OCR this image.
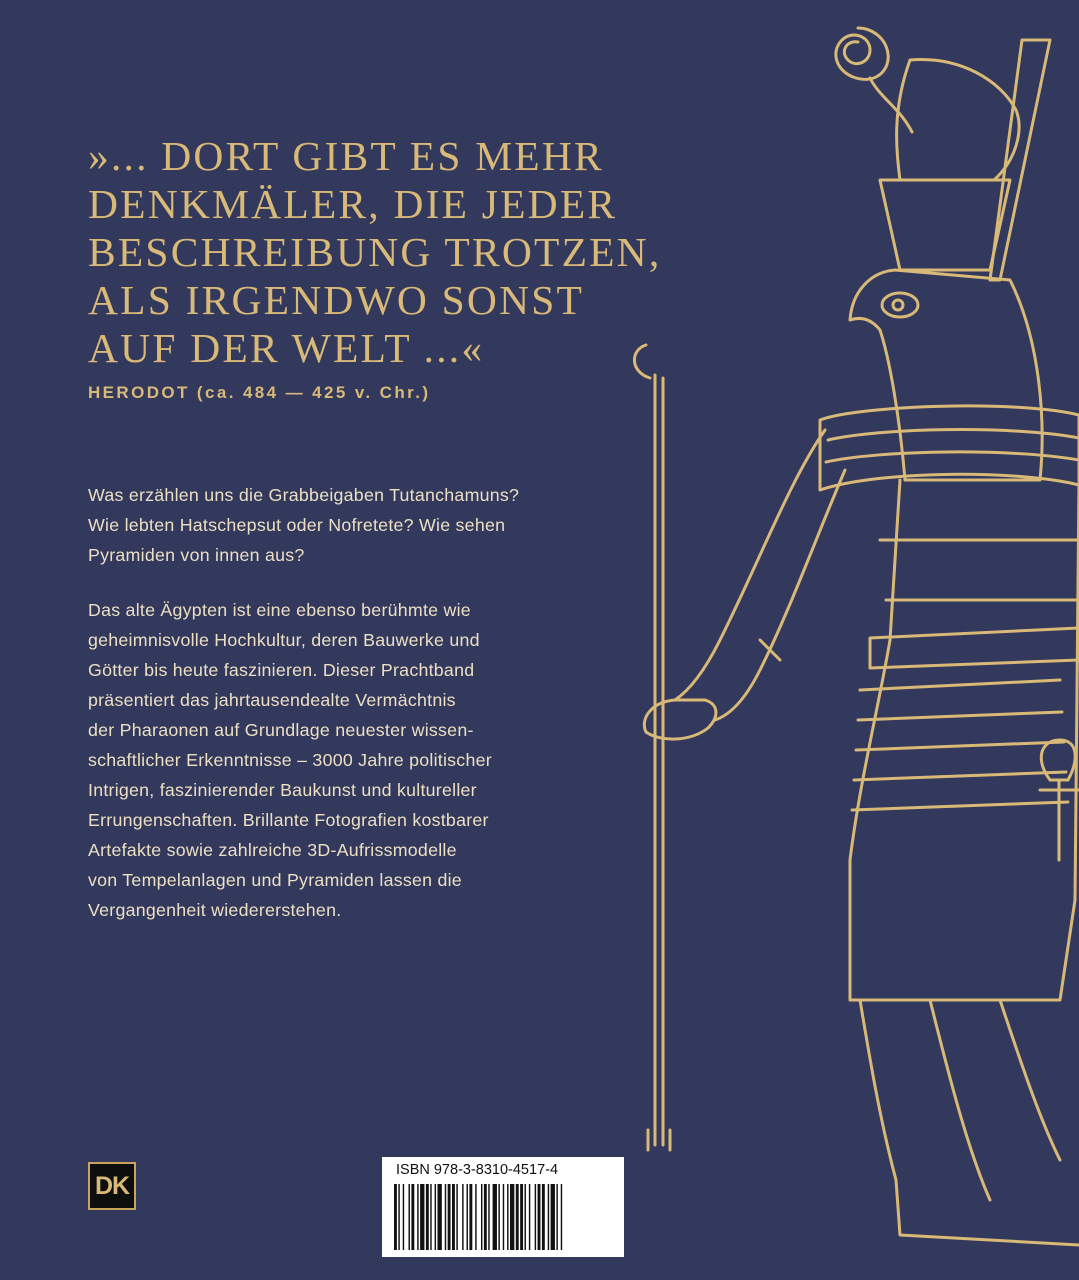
»... DORT GIBT ES MEHR
DENKMÄLER, DIE JEDER
BESCHREIBUNG TROTZEN,
ALS IRGENDWO SONST
AUF DER WELT ...«

HERODOT (ca. 484 — 425 v. Chr.)

Was erzählen uns die Grabbeigaben Tutanchamuns?
Wie lebten Hatschepsut oder Nofretete? Wie sehen
Pyramiden von innen aus?

Das alte Ägypten ist eine ebenso berühmte wie
geheimnisvolle Hochkultur, deren Bauwerke und
Götter bis heute faszinieren. Dieser Prachtband
präsentiert das jahrtausendealte Vermächtnis
der Pharaonen auf Grundlage neuester wissen-
schaftlicher Erkenntnisse – 3000 Jahre politischer
Intrigen, faszinierender Baukunst und kultureller
Errungenschaften. Brillante Fotografien kostbarer
Artefakte sowie zahlreiche 3D-Aufrissmodelle
von Tempelanlagen und Pyramiden lassen die
Vergangenheit wiedererstehen.

DK
ISBN 978-3-8310-4517-4
